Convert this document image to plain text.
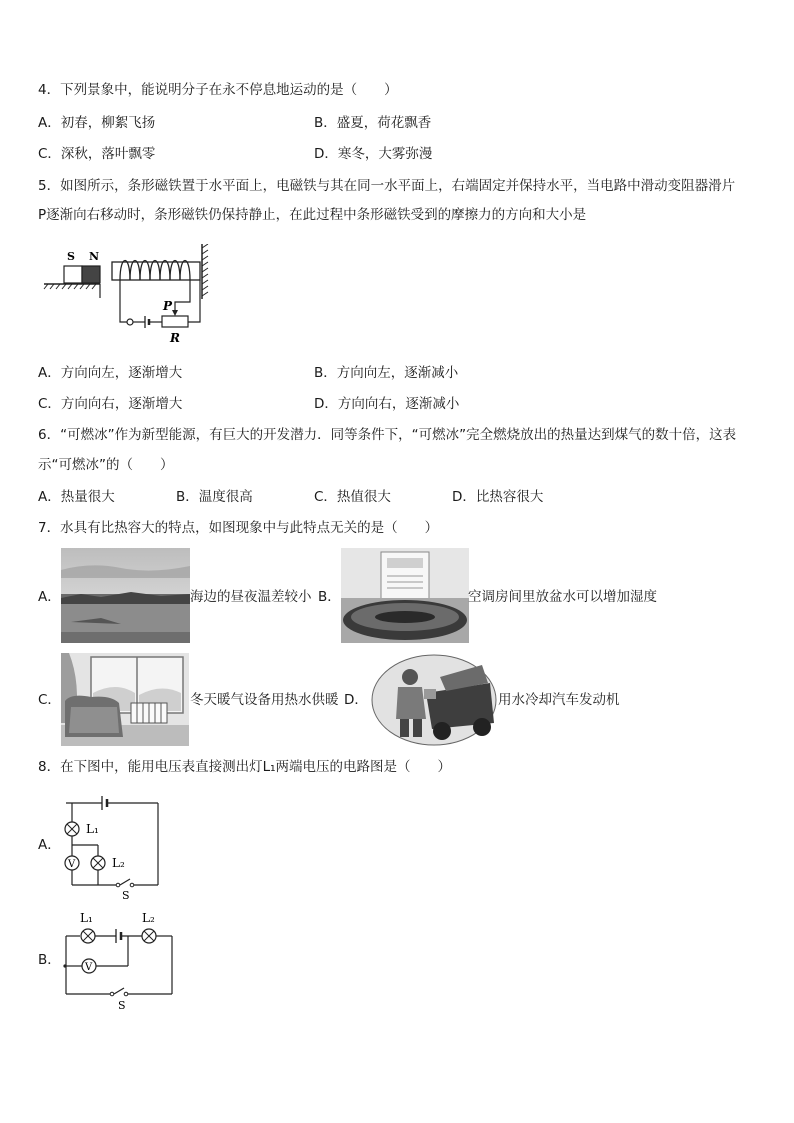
4．下列景象中，能说明分子在永不停息地运动的是（　　）
A．初春，柳絮飞扬	B．盛夏，荷花飘香
C．深秋，落叶飘零	D．寒冬，大雾弥漫
5．如图所示，条形磁铁置于水平面上，电磁铁与其在同一水平面上，右端固定并保持水平，当电路中滑动变阻器滑片
P逐渐向右移动时，条形磁铁仍保持静止，在此过程中条形磁铁受到的摩擦力的方向和大小是
S N
P
R
A．方向向左，逐渐增大	B．方向向左，逐渐减小
C．方向向右，逐渐增大	D．方向向右，逐渐减小
6．“可燃冰”作为新型能源，有巨大的开发潜力．同等条件下，“可燃冰”完全燃烧放出的热量达到煤气的数十倍，这表
示“可燃冰”的（　　）
A．热量很大	B．温度很高	C．热值很大	D．比热容很大
7．水具有比热容大的特点，如图现象中与此特点无关的是（　　）
A．	海边的昼夜温差较小 B．	空调房间里放盆水可以增加湿度
C．	冬天暖气设备用热水供暖 D．	用水冷却汽车发动机
8．在下图中，能用电压表直接测出灯L₁两端电压的电路图是（　　）
A．
L₁
V	L₂
S
B．
L₁	L₂
V
S
